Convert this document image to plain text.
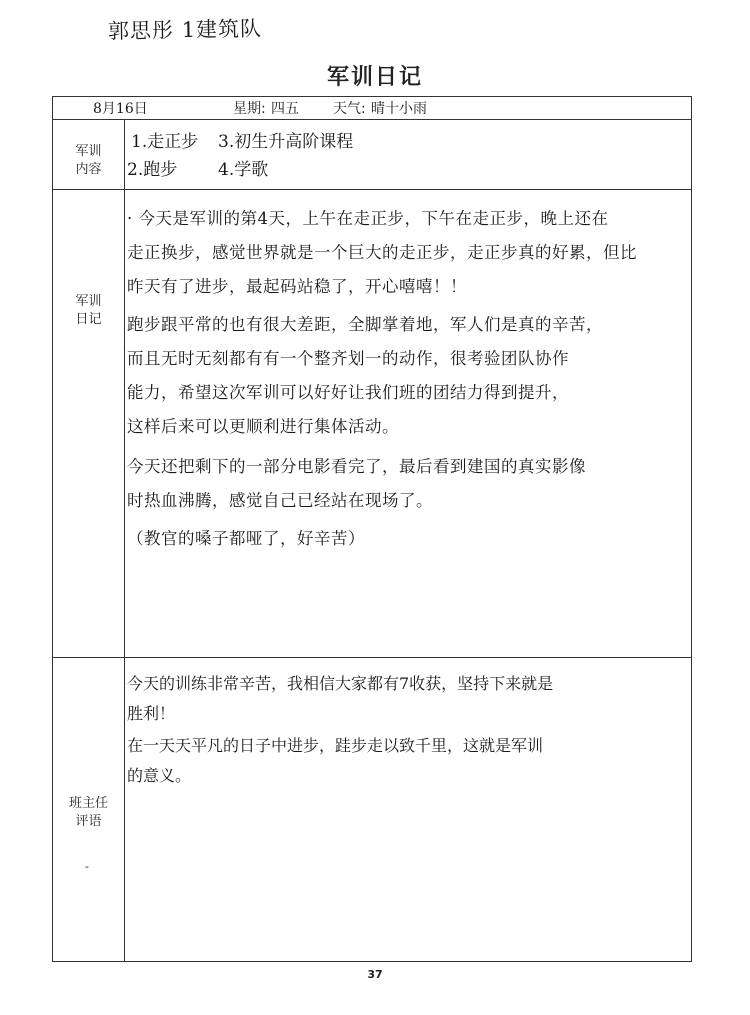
郭思彤 1建筑队
军训日记
8月16日	星期: 四五 天气: 晴十小雨
军训
内容
1.走正步 3.初生升高阶课程
2.跑步 4.学歌
军训
日记
· 今天是军训的第4天，上午在走正步，下午在走正步，晚上还在
走正换步，感觉世界就是一个巨大的走正步，走正步真的好累，但比
昨天有了进步，最起码站稳了，开心嘻嘻！！
跑步跟平常的也有很大差距，全脚掌着地，军人们是真的辛苦，
而且无时无刻都有有一个整齐划一的动作，很考验团队协作
能力，希望这次军训可以好好让我们班的团结力得到提升，
这样后来可以更顺利进行集体活动。
今天还把剩下的一部分电影看完了，最后看到建国的真实影像
时热血沸腾，感觉自己已经站在现场了。
（教官的嗓子都哑了，好辛苦）
班主任
评语
-
今天的训练非常辛苦，我相信大家都有7收获，坚持下来就是
胜利！
在一天天平凡的日子中进步，跬步走以致千里，这就是军训
的意义。
37
